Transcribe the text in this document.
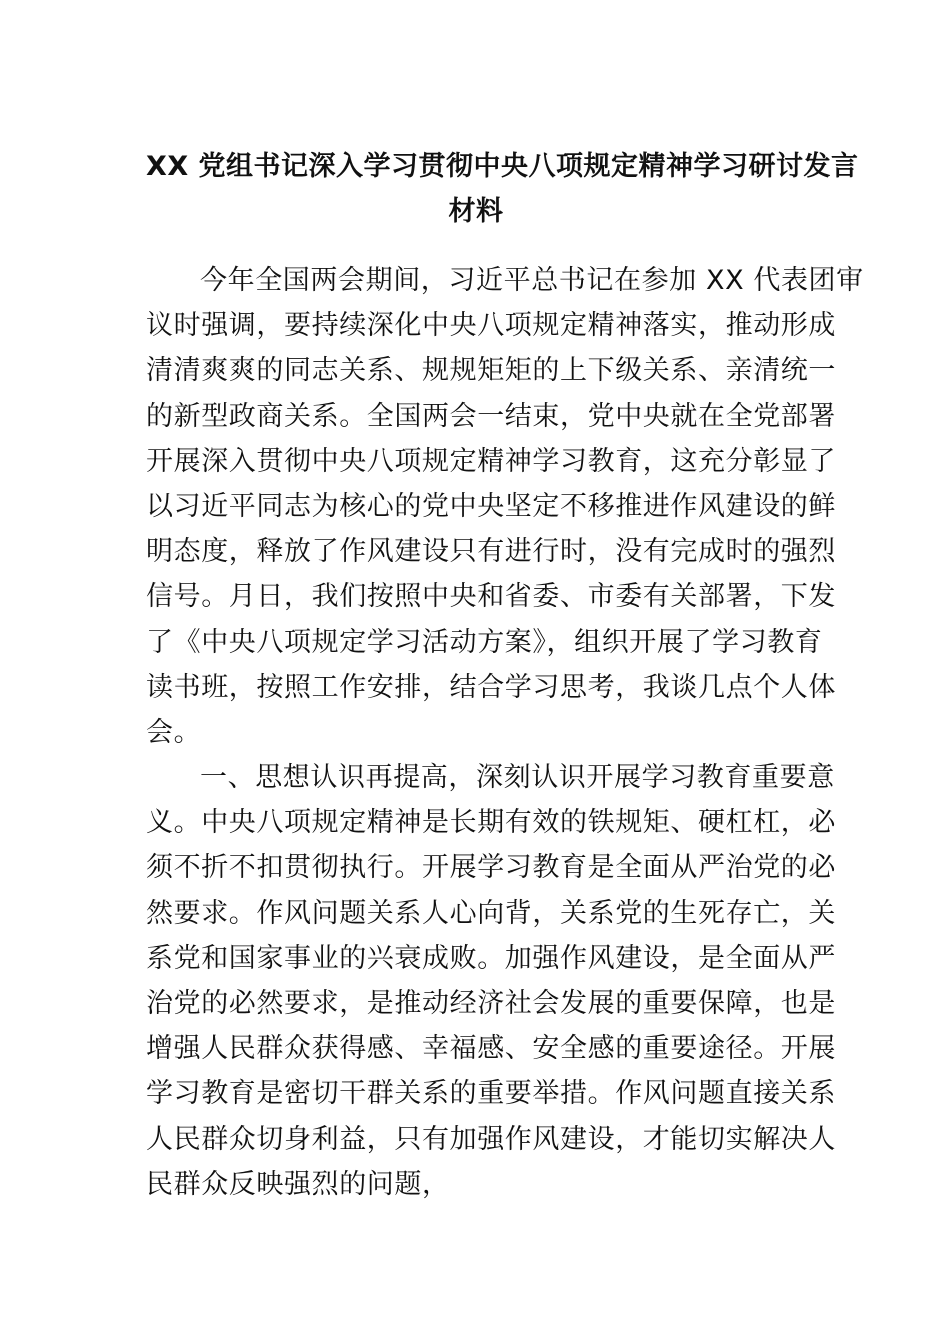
XX 党组书记深入学习贯彻中央八项规定精神学习研讨发言
材料
今年全国两会期间，习近平总书记在参加 XX 代表团审
议时强调，要持续深化中央八项规定精神落实，推动形成
清清爽爽的同志关系、规规矩矩的上下级关系、亲清统一
的新型政商关系。全国两会一结束，党中央就在全党部署
开展深入贯彻中央八项规定精神学习教育，这充分彰显了
以习近平同志为核心的党中央坚定不移推进作风建设的鲜
明态度，释放了作风建设只有进行时，没有完成时的强烈
信号。月日，我们按照中央和省委、市委有关部署，下发
了《中央八项规定学习活动方案》，组织开展了学习教育
读书班，按照工作安排，结合学习思考，我谈几点个人体
会。
一、思想认识再提高，深刻认识开展学习教育重要意
义。中央八项规定精神是长期有效的铁规矩、硬杠杠，必
须不折不扣贯彻执行。开展学习教育是全面从严治党的必
然要求。作风问题关系人心向背，关系党的生死存亡，关
系党和国家事业的兴衰成败。加强作风建设，是全面从严
治党的必然要求，是推动经济社会发展的重要保障，也是
增强人民群众获得感、幸福感、安全感的重要途径。开展
学习教育是密切干群关系的重要举措。作风问题直接关系
人民群众切身利益，只有加强作风建设，才能切实解决人
民群众反映强烈的问题，
